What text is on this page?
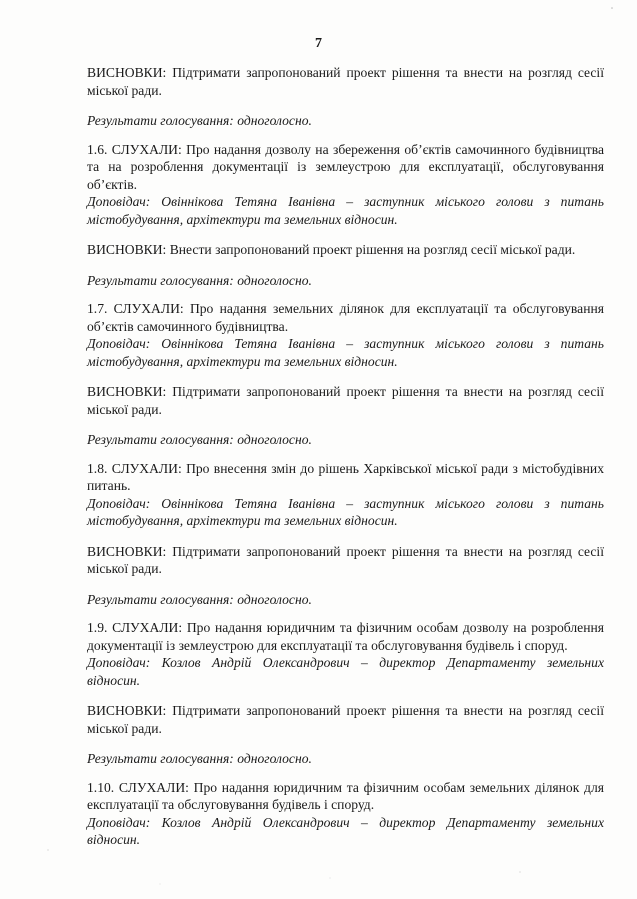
7

ВИСНОВКИ: Підтримати запропонований проект рішення та внести на розгляд сесії міської ради.

Результати голосування: одноголосно.

1.6. СЛУХАЛИ: Про надання дозволу на збереження об’єктів самочинного будівництва та на розроблення документації із землеустрою для експлуатації, обслуговування об’єктів.

Доповідач: Овіннікова Тетяна Іванівна – заступник міського голови з питань містобудування, архітектури та земельних відносин.

ВИСНОВКИ: Внести запропонований проект рішення на розгляд сесії міської ради.

Результати голосування: одноголосно.

1.7. СЛУХАЛИ: Про надання земельних ділянок для експлуатації та обслуговування об’єктів самочинного будівництва.

Доповідач: Овіннікова Тетяна Іванівна – заступник міського голови з питань містобудування, архітектури та земельних відносин.

ВИСНОВКИ: Підтримати запропонований проект рішення та внести на розгляд сесії міської ради.

Результати голосування: одноголосно.

1.8. СЛУХАЛИ: Про внесення змін до рішень Харківської міської ради з містобудівних питань.

Доповідач: Овіннікова Тетяна Іванівна – заступник міського голови з питань містобудування, архітектури та земельних відносин.

ВИСНОВКИ: Підтримати запропонований проект рішення та внести на розгляд сесії міської ради.

Результати голосування: одноголосно.

1.9. СЛУХАЛИ: Про надання юридичним та фізичним особам дозволу на розроблення документації із землеустрою для експлуатації та обслуговування будівель і споруд.

Доповідач: Козлов Андрій Олександрович – директор Департаменту земельних відносин.

ВИСНОВКИ: Підтримати запропонований проект рішення та внести на розгляд сесії міської ради.

Результати голосування: одноголосно.

1.10. СЛУХАЛИ: Про надання юридичним та фізичним особам земельних ділянок для експлуатації та обслуговування будівель і споруд.

Доповідач: Козлов Андрій Олександрович – директор Департаменту земельних відносин.
